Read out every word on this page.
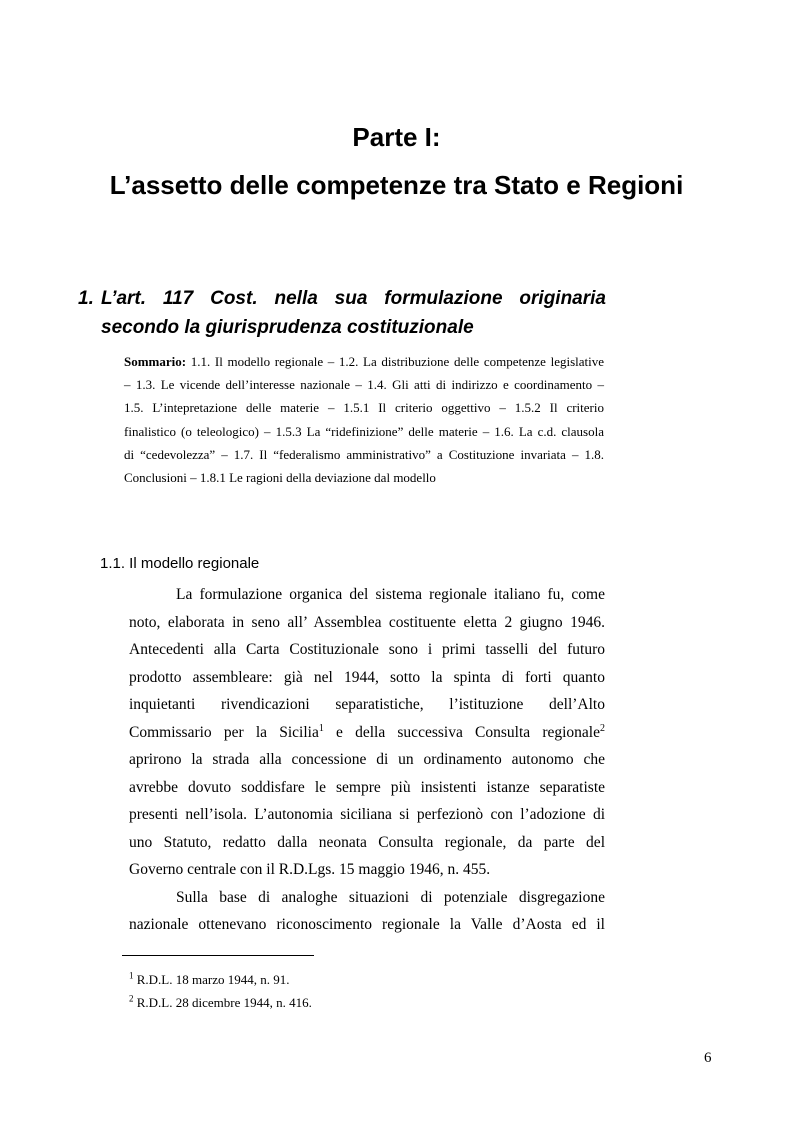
Parte I:
L’assetto delle competenze tra Stato e Regioni
1. L’art. 117 Cost. nella sua formulazione originaria
secondo la giurisprudenza costituzionale
Sommario: 1.1. Il modello regionale – 1.2. La distribuzione delle competenze legislative
– 1.3. Le vicende dell’interesse nazionale – 1.4. Gli atti di indirizzo e coordinamento –
1.5. L’intepretazione delle materie – 1.5.1 Il criterio oggettivo – 1.5.2 Il criterio
finalistico (o teleologico) – 1.5.3 La “ridefinizione” delle materie – 1.6. La c.d. clausola
di “cedevolezza” – 1.7. Il “federalismo amministrativo” a Costituzione invariata – 1.8.
Conclusioni – 1.8.1 Le ragioni della deviazione dal modello
1.1. Il modello regionale
La formulazione organica del sistema regionale italiano fu, come
noto, elaborata in seno all’ Assemblea costituente eletta 2 giugno 1946.
Antecedenti alla Carta Costituzionale sono i primi tasselli del futuro
prodotto assembleare: già nel 1944, sotto la spinta di forti quanto
inquietanti rivendicazioni separatistiche, l’istituzione dell’Alto
Commissario per la Sicilia$^1$ e della successiva Consulta regionale$^2$
aprirono la strada alla concessione di un ordinamento autonomo che
avrebbe dovuto soddisfare le sempre più insistenti istanze separatiste
presenti nell’isola. L’autonomia siciliana si perfezionò con l’adozione di
uno Statuto, redatto dalla neonata Consulta regionale, da parte del
Governo centrale con il R.D.Lgs. 15 maggio 1946, n. 455.
Sulla base di analoghe situazioni di potenziale disgregazione
nazionale ottenevano riconoscimento regionale la Valle d’Aosta ed il
$^1$ R.D.L. 18 marzo 1944, n. 91.
$^2$ R.D.L. 28 dicembre 1944, n. 416.
6
